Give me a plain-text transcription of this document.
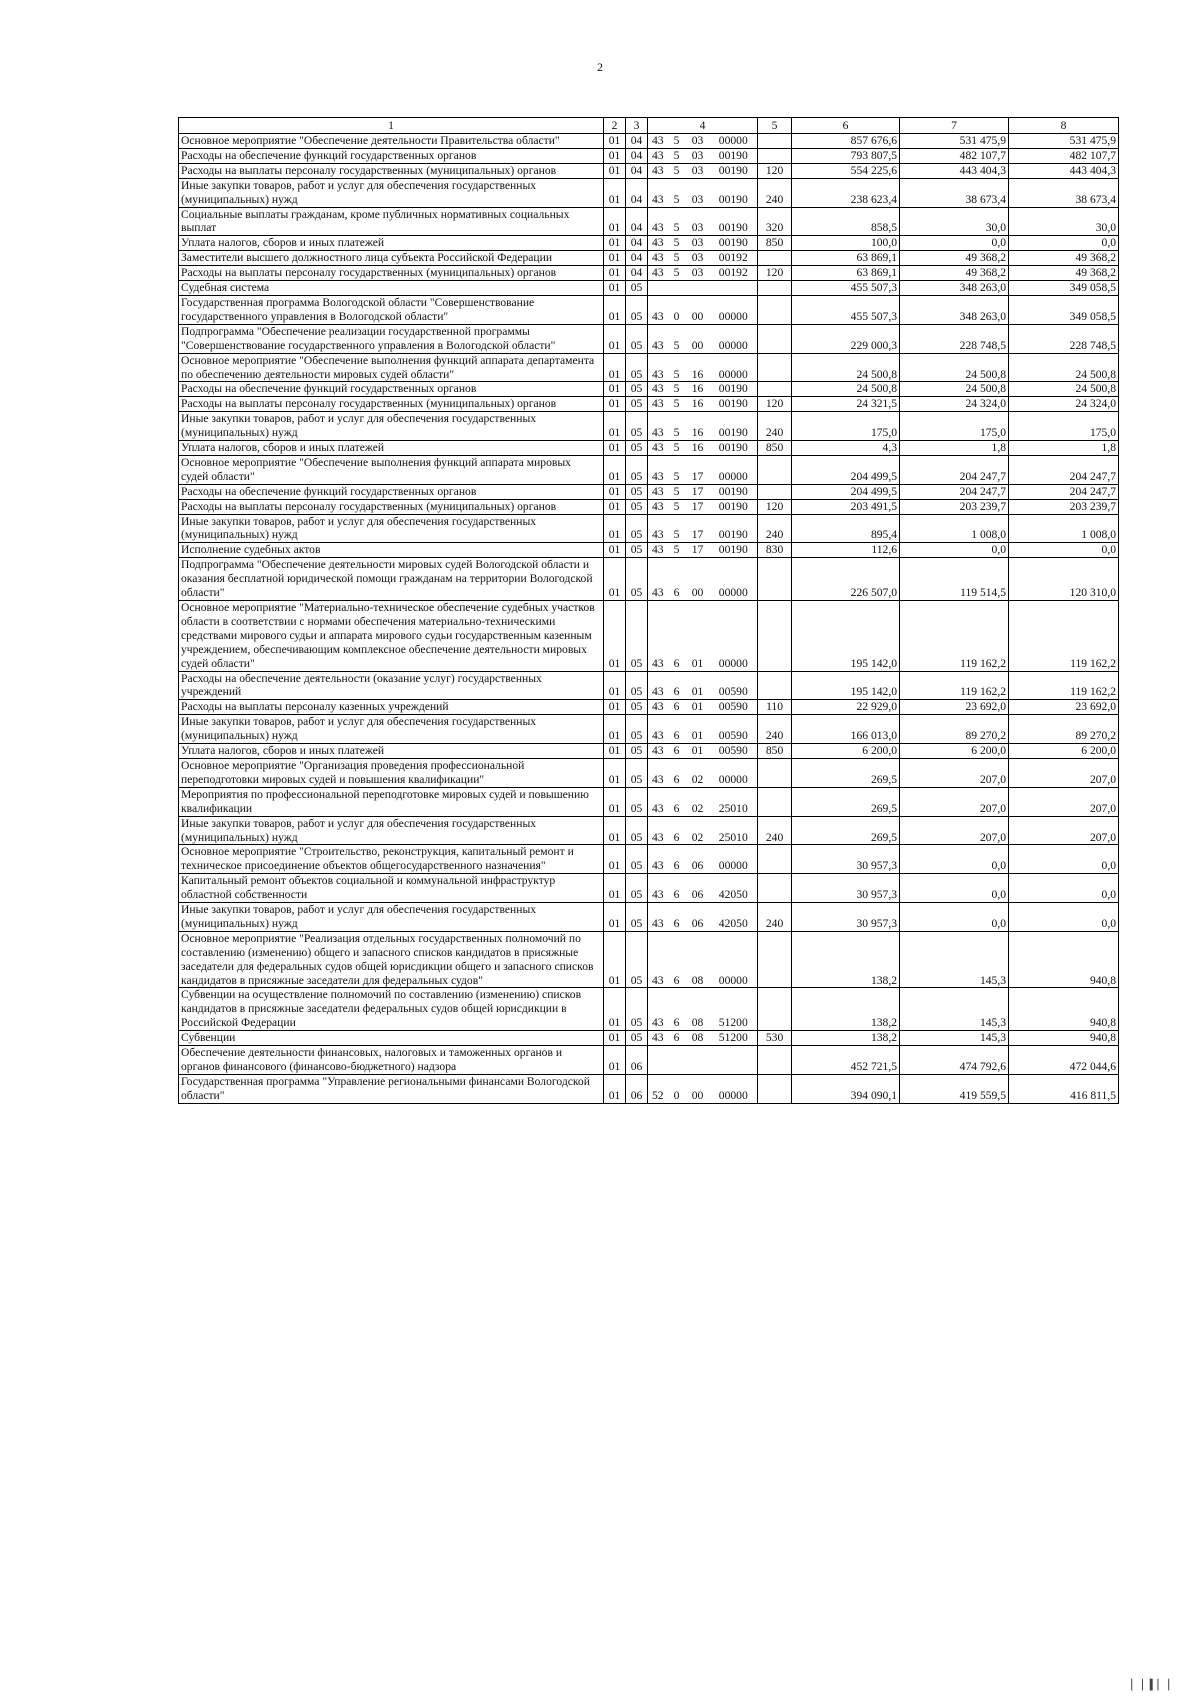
2
1	2	3	4				5	6	7	8
Основное мероприятие "Обеспечение деятельности Правительства области"	01	04	43	5	03	00000		857 676,6	531 475,9	531 475,9
Расходы на обеспечение функций государственных органов	01	04	43	5	03	00190		793 807,5	482 107,7	482 107,7
Расходы на выплаты персоналу государственных (муниципальных) органов	01	04	43	5	03	00190	120	554 225,6	443 404,3	443 404,3
Иные закупки товаров, работ и услуг для обеспечения государственных (муниципальных) нужд	01	04	43	5	03	00190	240	238 623,4	38 673,4	38 673,4
Социальные выплаты гражданам, кроме публичных нормативных социальных выплат	01	04	43	5	03	00190	320	858,5	30,0	30,0
Уплата налогов, сборов и иных платежей	01	04	43	5	03	00190	850	100,0	0,0	0,0
Заместители высшего должностного лица субъекта Российской Федерации	01	04	43	5	03	00192		63 869,1	49 368,2	49 368,2
Расходы на выплаты персоналу государственных (муниципальных) органов	01	04	43	5	03	00192	120	63 869,1	49 368,2	49 368,2
Судебная система	01	05						455 507,3	348 263,0	349 058,5
Государственная программа Вологодской области "Совершенствование государственного управления в Вологодской области"	01	05	43	0	00	00000		455 507,3	348 263,0	349 058,5
Подпрограмма "Обеспечение реализации государственной программы "Совершенствование государственного управления в Вологодской области"	01	05	43	5	00	00000		229 000,3	228 748,5	228 748,5
Основное мероприятие "Обеспечение выполнения функций аппарата департамента по обеспечению деятельности мировых судей области"	01	05	43	5	16	00000		24 500,8	24 500,8	24 500,8
Расходы на обеспечение функций государственных органов	01	05	43	5	16	00190		24 500,8	24 500,8	24 500,8
Расходы на выплаты персоналу государственных (муниципальных) органов	01	05	43	5	16	00190	120	24 321,5	24 324,0	24 324,0
Иные закупки товаров, работ и услуг для обеспечения государственных (муниципальных) нужд	01	05	43	5	16	00190	240	175,0	175,0	175,0
Уплата налогов, сборов и иных платежей	01	05	43	5	16	00190	850	4,3	1,8	1,8
Основное мероприятие "Обеспечение выполнения функций аппарата мировых судей области"	01	05	43	5	17	00000		204 499,5	204 247,7	204 247,7
Расходы на обеспечение функций государственных органов	01	05	43	5	17	00190		204 499,5	204 247,7	204 247,7
Расходы на выплаты персоналу государственных (муниципальных) органов	01	05	43	5	17	00190	120	203 491,5	203 239,7	203 239,7
Иные закупки товаров, работ и услуг для обеспечения государственных (муниципальных) нужд	01	05	43	5	17	00190	240	895,4	1 008,0	1 008,0
Исполнение судебных актов	01	05	43	5	17	00190	830	112,6	0,0	0,0
Подпрограмма "Обеспечение деятельности мировых судей Вологодской области и оказания бесплатной юридической помощи гражданам на территории Вологодской области"	01	05	43	6	00	00000		226 507,0	119 514,5	120 310,0
Основное мероприятие "Материально-техническое обеспечение судебных участков области в соответствии с нормами обеспечения материально-техническими средствами мирового судьи и аппарата мирового судьи государственным казенным учреждением, обеспечивающим комплексное обеспечение деятельности мировых судей области"	01	05	43	6	01	00000		195 142,0	119 162,2	119 162,2
Расходы на обеспечение деятельности (оказание услуг) государственных учреждений	01	05	43	6	01	00590		195 142,0	119 162,2	119 162,2
Расходы на выплаты персоналу казенных учреждений	01	05	43	6	01	00590	110	22 929,0	23 692,0	23 692,0
Иные закупки товаров, работ и услуг для обеспечения государственных (муниципальных) нужд	01	05	43	6	01	00590	240	166 013,0	89 270,2	89 270,2
Уплата налогов, сборов и иных платежей	01	05	43	6	01	00590	850	6 200,0	6 200,0	6 200,0
Основное мероприятие "Организация проведения профессиональной переподготовки мировых судей и повышения квалификации"	01	05	43	6	02	00000		269,5	207,0	207,0
Мероприятия по профессиональной переподготовке мировых судей и повышению квалификации	01	05	43	6	02	25010		269,5	207,0	207,0
Иные закупки товаров, работ и услуг для обеспечения государственных (муниципальных) нужд	01	05	43	6	02	25010	240	269,5	207,0	207,0
Основное мероприятие "Строительство, реконструкция, капитальный ремонт и техническое присоединение объектов общегосударственного назначения"	01	05	43	6	06	00000		30 957,3	0,0	0,0
Капитальный ремонт объектов социальной и коммунальной инфраструктур областной собственности	01	05	43	6	06	42050		30 957,3	0,0	0,0
Иные закупки товаров, работ и услуг для обеспечения государственных (муниципальных) нужд	01	05	43	6	06	42050	240	30 957,3	0,0	0,0
Основное мероприятие "Реализация отдельных государственных полномочий по составлению (изменению) общего и запасного списков кандидатов в присяжные заседатели для федеральных судов общей юрисдикции общего и запасного списков кандидатов в присяжные заседатели для федеральных судов"	01	05	43	6	08	00000		138,2	145,3	940,8
Субвенции на осуществление полномочий по составлению (изменению) списков кандидатов в присяжные заседатели федеральных судов общей юрисдикции в Российской Федерации	01	05	43	6	08	51200		138,2	145,3	940,8
Субвенции	01	05	43	6	08	51200	530	138,2	145,3	940,8
Обеспечение деятельности финансовых, налоговых и таможенных органов и органов финансового (финансово-бюджетного) надзора	01	06						452 721,5	474 792,6	472 044,6
Государственная программа "Управление региональными финансами Вологодской области"	01	06	52	0	00	00000		394 090,1	419 559,5	416 811,5
▏ ▏▍▏ ▏
